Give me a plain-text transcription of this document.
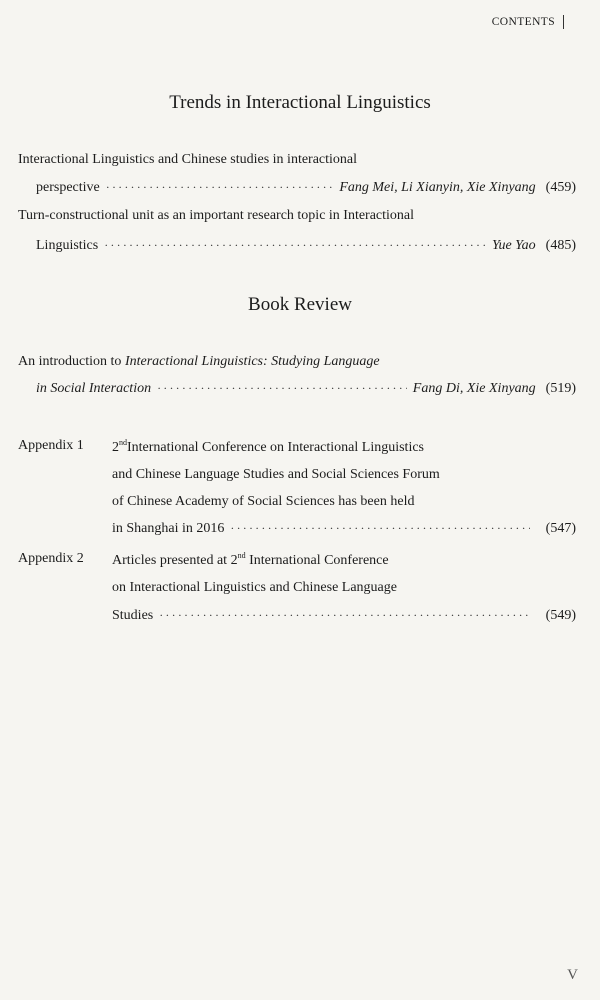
CONTENTS
Trends in Interactional Linguistics
Interactional Linguistics and Chinese studies in interactional
perspective ·····	Fang Mei, Li Xianyin, Xie Xinyang (459)
Turn-constructional unit as an important research topic in Interactional
Linguistics ·····	Yue Yao (485)
Book Review
An introduction to Interactional Linguistics: Studying Language
in Social Interaction ·····	Fang Di, Xie Xinyang (519)
Appendix 1 2ndInternational Conference on Interactional Linguistics
and Chinese Language Studies and Social Sciences Forum
of Chinese Academy of Social Sciences has been held
in Shanghai in 2016 ·····	(547)
Appendix 2 Articles presented at 2nd International Conference
on Interactional Linguistics and Chinese Language
Studies ·····	(549)
V
